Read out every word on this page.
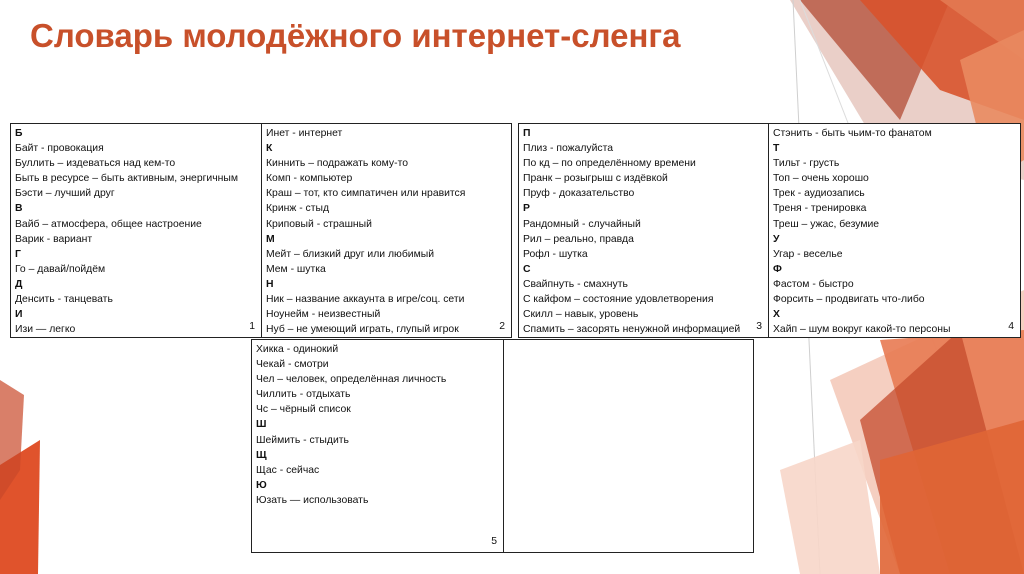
Словарь молодёжного интернет-сленга
Б
Байт - провокация
Буллить – издеваться над кем-то
Быть в ресурсе – быть активным, энергичным
Бэсти – лучший друг
В
Вайб – атмосфера, общее настроение
Варик - вариант
Г
Го – давай/пойдём
Д
Денсить - танцевать
И
Изи — легко	1
Инет - интернет
К
Киннить – подражать кому-то
Комп - компьютер
Краш – тот, кто симпатичен или нравится
Кринж - стыд
Криповый - страшный
М
Мейт – близкий друг или любимый
Мем - шутка
Н
Ник – название аккаунта в игре/соц. сети
Ноунейм - неизвестный
Нуб – не умеющий играть, глупый игрок	2
П
Плиз - пожалуйста
По кд – по определённому времени
Пранк – розыгрыш с издёвкой
Пруф - доказательство
Р
Рандомный - случайный
Рил – реально, правда
Рофл - шутка
С
Свайпнуть - смахнуть
С кайфом – состояние удовлетворения
Скилл – навык, уровень
Спамить – засорять ненужной информацией	3
Стэнить - быть чьим-то фанатом
Т
Тильт - грусть
Топ – очень хорошо
Трек - аудиозапись
Треня - тренировка
Треш – ужас, безумие
У
Угар - веселье
Ф
Фастом - быстро
Форсить – продвигать что-либо
Х
Хайп – шум вокруг какой-то персоны	4
Хикка - одинокий
Чекай - смотри
Чел – человек, определённая личность
Чиллить - отдыхать
Чс – чёрный список
Ш
Шеймить - стыдить
Щ
Щас - сейчас
Ю
Юзать — использовать
5
